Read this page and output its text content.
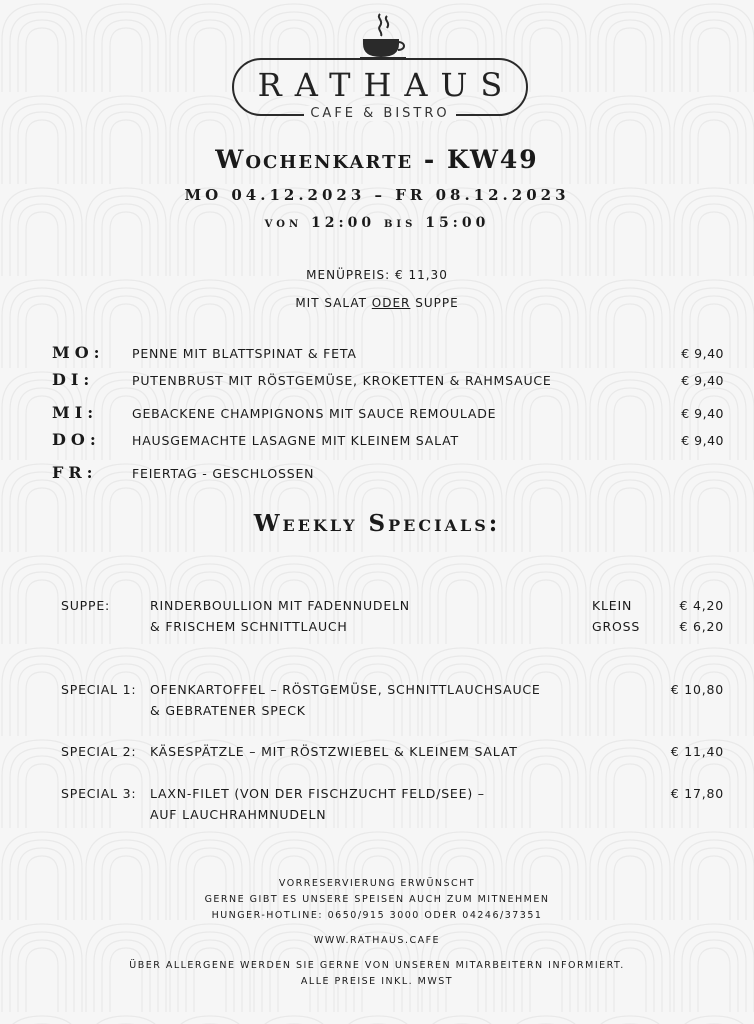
RATHAUS
CAFE & BISTRO
Wochenkarte - KW49
MO 04.12.2023 – FR 08.12.2023
von 12:00 bis 15:00
MENÜPREIS: € 11,30
MIT SALAT ODER SUPPE
MO: PENNE MIT BLATTSPINAT & FETA	€ 9,40
DI:	PUTENBRUST MIT RÖSTGEMÜSE, KROKETTEN & RAHMSAUCE	€ 9,40
MI:	GEBACKENE CHAMPIGNONS MIT SAUCE REMOULADE	€ 9,40
DO:	HAUSGEMACHTE LASAGNE MIT KLEINEM SALAT	€ 9,40
FR:	FEIERTAG - GESCHLOSSEN
Weekly Specials:
SUPPE:	RINDERBOULLION MIT FADENNUDELN
& FRISCHEM SCHNITTLAUCH
KLEIN	€ 4,20
GROSS	€ 6,20
SPECIAL 1: OFENKARTOFFEL – RÖSTGEMÜSE, SCHNITTLAUCHSAUCE
& GEBRATENER SPECK
€ 10,80
SPECIAL 2: KÄSESPÄTZLE – MIT RÖSTZWIEBEL & KLEINEM SALAT	€ 11,40
SPECIAL 3: LAXN-FILET (VON DER FISCHZUCHT FELD/SEE) –
AUF LAUCHRAHMNUDELN
€ 17,80
VORRESERVIERUNG ERWÜNSCHT
GERNE GIBT ES UNSERE SPEISEN AUCH ZUM MITNEHMEN
HUNGER-HOTLINE: 0650/915 3000 ODER 04246/37351
WWW.RATHAUS.CAFE
ÜBER ALLERGENE WERDEN SIE GERNE VON UNSEREN MITARBEITERN INFORMIERT.
ALLE PREISE INKL. MWST
